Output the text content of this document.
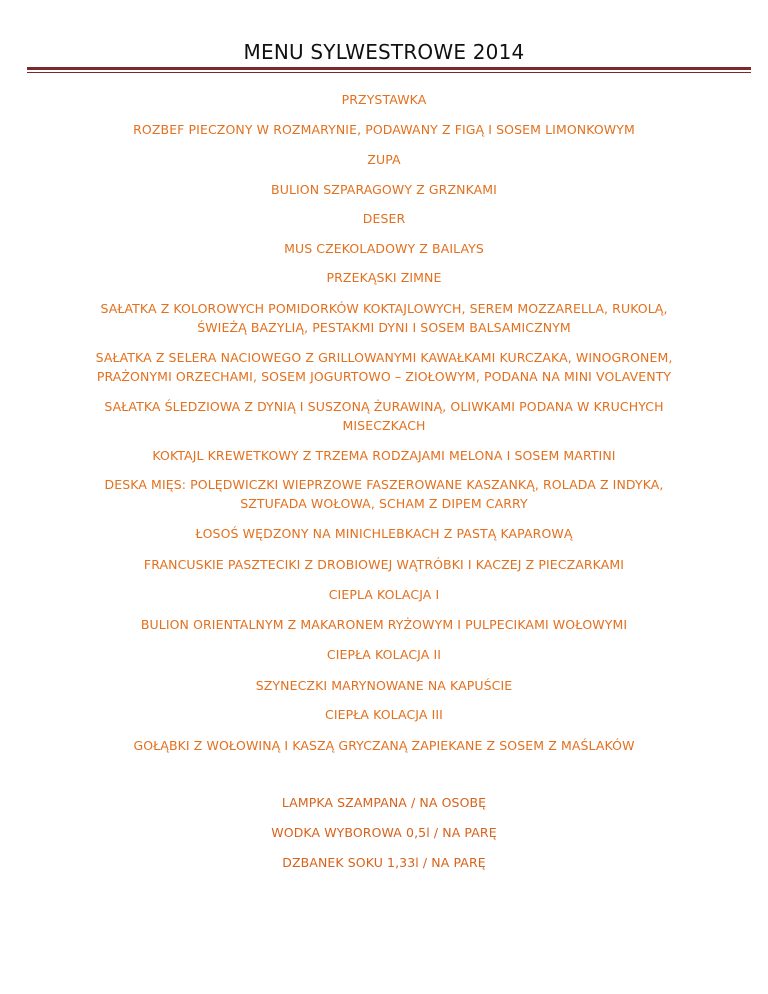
MENU SYLWESTROWE 2014
PRZYSTAWKA
ROZBEF PIECZONY W ROZMARYNIE, PODAWANY Z FIGĄ I SOSEM LIMONKOWYM
ZUPA
BULION SZPARAGOWY Z GRZNKAMI
DESER
MUS CZEKOLADOWY Z BAILAYS
PRZEKĄSKI ZIMNE
SAŁATKA Z KOLOROWYCH POMIDORKÓW KOKTAJLOWYCH, SEREM MOZZARELLA, RUKOLĄ,
ŚWIEŻĄ BAZYLIĄ, PESTAKMI DYNI I SOSEM BALSAMICZNYM
SAŁATKA Z SELERA NACIOWEGO Z GRILLOWANYMI KAWAŁKAMI KURCZAKA, WINOGRONEM,
PRAŻONYMI ORZECHAMI, SOSEM JOGURTOWO – ZIOŁOWYM, PODANA NA MINI VOLAVENTY
SAŁATKA ŚLEDZIOWA Z DYNIĄ I SUSZONĄ ŻURAWINĄ, OLIWKAMI PODANA W KRUCHYCH
MISECZKACH
KOKTAJL KREWETKOWY Z TRZEMA RODZAJAMI MELONA I SOSEM MARTINI
DESKA MIĘS: POLĘDWICZKI WIEPRZOWE FASZEROWANE KASZANKĄ, ROLADA Z INDYKA,
SZTUFADA WOŁOWA, SCHAM Z DIPEM CARRY
ŁOSOŚ WĘDZONY NA MINICHLEBKACH Z PASTĄ KAPAROWĄ
FRANCUSKIE PASZTECIKI Z DROBIOWEJ WĄTRÓBKI I KACZEJ Z PIECZARKAMI
CIEPLA KOLACJA I
BULION ORIENTALNYM Z MAKARONEM RYŻOWYM I PULPECIKAMI WOŁOWYMI
CIEPŁA KOLACJA II
SZYNECZKI MARYNOWANE NA KAPUŚCIE
CIEPŁA KOLACJA III
GOŁĄBKI Z WOŁOWINĄ I KASZĄ GRYCZANĄ ZAPIEKANE Z SOSEM Z MAŚLAKÓW
LAMPKA SZAMPANA / NA OSOBĘ
WODKA WYBOROWA 0,5l / NA PARĘ
DZBANEK SOKU 1,33l / NA PARĘ
